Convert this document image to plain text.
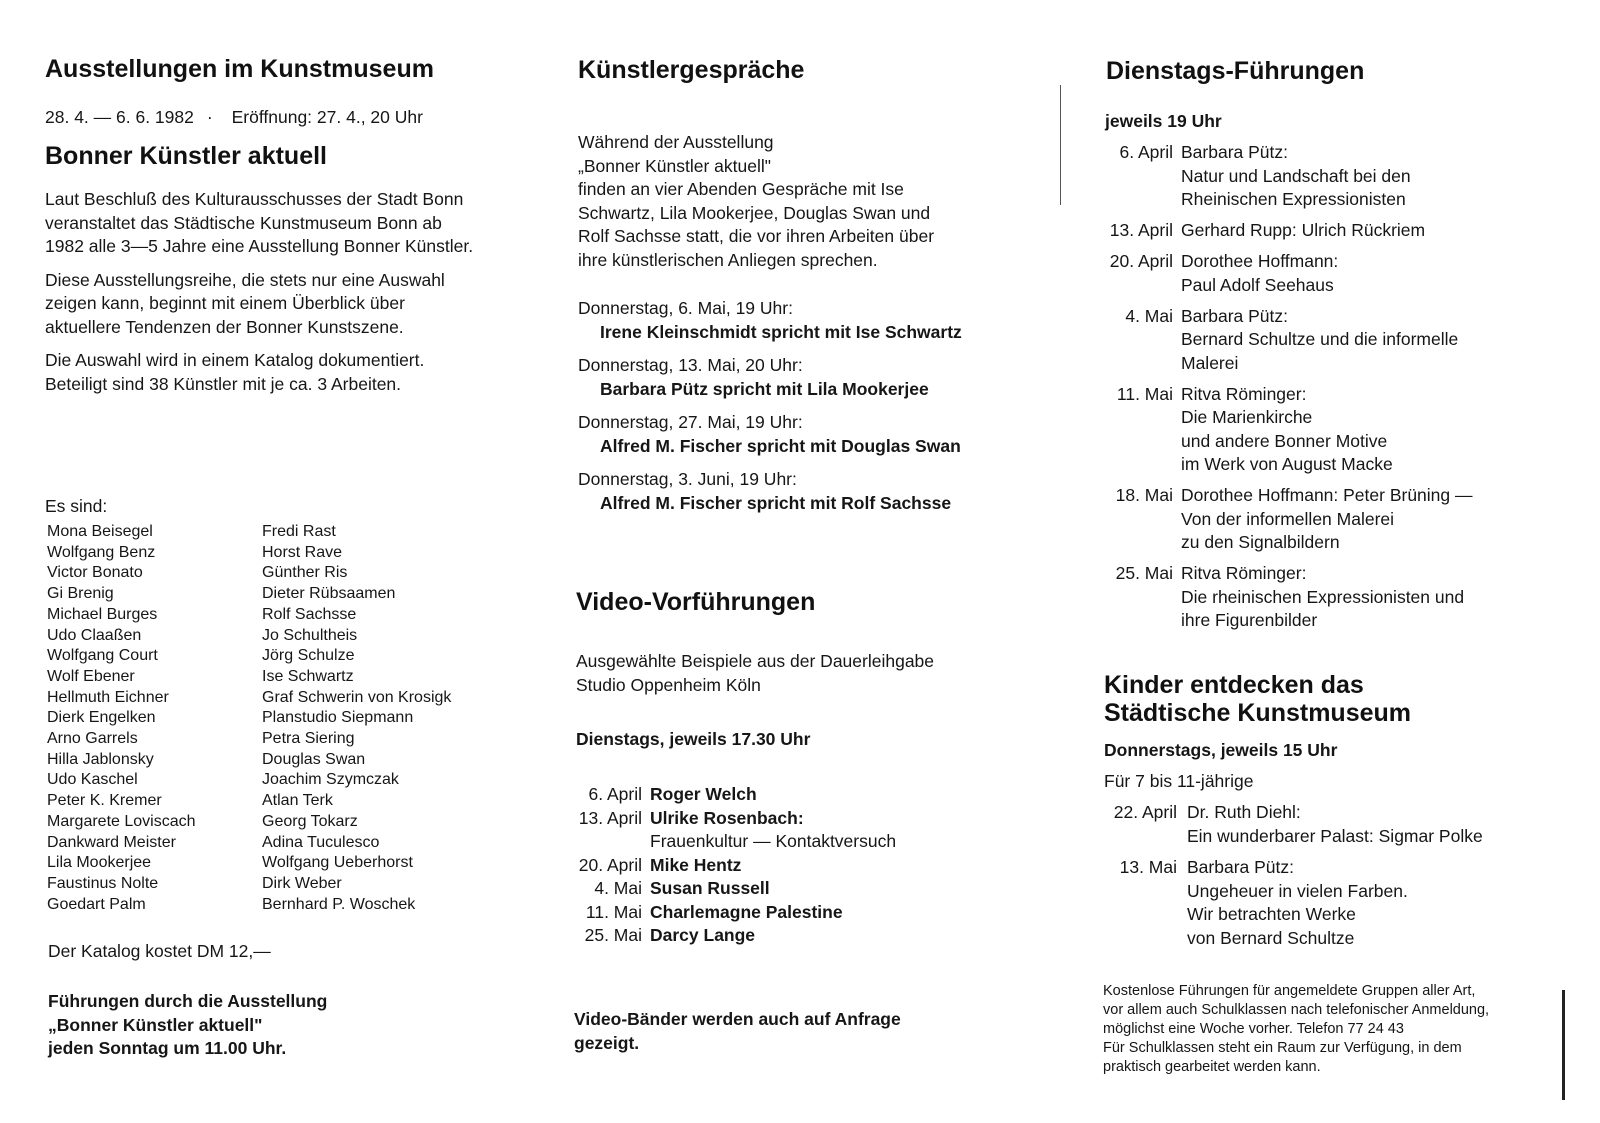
Ausstellungen im Kunstmuseum
28. 4. — 6. 6. 1982 · Eröffnung: 27. 4., 20 Uhr
Bonner Künstler aktuell

Laut Beschluß des Kulturausschusses der Stadt Bonn veranstaltet das Städtische Kunstmuseum Bonn ab 1982 alle 3—5 Jahre eine Ausstellung Bonner Künstler.

Diese Ausstellungsreihe, die stets nur eine Auswahl zeigen kann, beginnt mit einem Überblick über aktuellere Tendenzen der Bonner Kunstszene.

Die Auswahl wird in einem Katalog dokumentiert. Beteiligt sind 38 Künstler mit je ca. 3 Arbeiten.

Es sind:
Mona Beisegel
Wolfgang Benz
Victor Bonato
Gi Brenig
Michael Burges
Udo Claaßen
Wolfgang Court
Wolf Ebener
Hellmuth Eichner
Dierk Engelken
Arno Garrels
Hilla Jablonsky
Udo Kaschel
Peter K. Kremer
Margarete Loviscach
Dankward Meister
Lila Mookerjee
Faustinus Nolte
Goedart Palm
Fredi Rast
Horst Rave
Günther Ris
Dieter Rübsaamen
Rolf Sachsse
Jo Schultheis
Jörg Schulze
Ise Schwartz
Graf Schwerin von Krosigk
Planstudio Siepmann
Petra Siering
Douglas Swan
Joachim Szymczak
Atlan Terk
Georg Tokarz
Adina Tuculesco
Wolfgang Ueberhorst
Dirk Weber
Bernhard P. Woschek
Der Katalog kostet DM 12,—
Führungen durch die Ausstellung
„Bonner Künstler aktuell"
jeden Sonntag um 11.00 Uhr.
Künstlergespräche
Während der Ausstellung
„Bonner Künstler aktuell"
finden an vier Abenden Gespräche mit Ise
Schwartz, Lila Mookerjee, Douglas Swan und
Rolf Sachsse statt, die vor ihren Arbeiten über
ihre künstlerischen Anliegen sprechen.
Donnerstag, 6. Mai, 19 Uhr:
Irene Kleinschmidt spricht mit Ise Schwartz
Donnerstag, 13. Mai, 20 Uhr:
Barbara Pütz spricht mit Lila Mookerjee
Donnerstag, 27. Mai, 19 Uhr:
Alfred M. Fischer spricht mit Douglas Swan
Donnerstag, 3. Juni, 19 Uhr:
Alfred M. Fischer spricht mit Rolf Sachsse
Video-Vorführungen
Ausgewählte Beispiele aus der Dauerleihgabe
Studio Oppenheim Köln
Dienstags, jeweils 17.30 Uhr
6. April Roger Welch
13. April Ulrike Rosenbach:
Frauenkultur — Kontaktversuch
20. April Mike Hentz
4. Mai Susan Russell
11. Mai Charlemagne Palestine
25. Mai Darcy Lange
Video-Bänder werden auch auf Anfrage
gezeigt.
Dienstags-Führungen
jeweils 19 Uhr
6. April Barbara Pütz:
Natur und Landschaft bei den
Rheinischen Expressionisten
13. April Gerhard Rupp: Ulrich Rückriem
20. April Dorothee Hoffmann:
Paul Adolf Seehaus
4. Mai Barbara Pütz:
Bernard Schultze und die informelle
Malerei
11. Mai Ritva Röminger:
Die Marienkirche
und andere Bonner Motive
im Werk von August Macke
18. Mai Dorothee Hoffmann: Peter Brüning —
Von der informellen Malerei
zu den Signalbildern
25. Mai Ritva Röminger:
Die rheinischen Expressionisten und
ihre Figurenbilder
Kinder entdecken das
Städtische Kunstmuseum
Donnerstags, jeweils 15 Uhr
Für 7 bis 11-jährige
22. April Dr. Ruth Diehl:
Ein wunderbarer Palast: Sigmar Polke
13. Mai Barbara Pütz:
Ungeheuer in vielen Farben.
Wir betrachten Werke
von Bernard Schultze
Kostenlose Führungen für angemeldete Gruppen aller Art,
vor allem auch Schulklassen nach telefonischer Anmeldung,
möglichst eine Woche vorher. Telefon 77 24 43
Für Schulklassen steht ein Raum zur Verfügung, in dem
praktisch gearbeitet werden kann.
